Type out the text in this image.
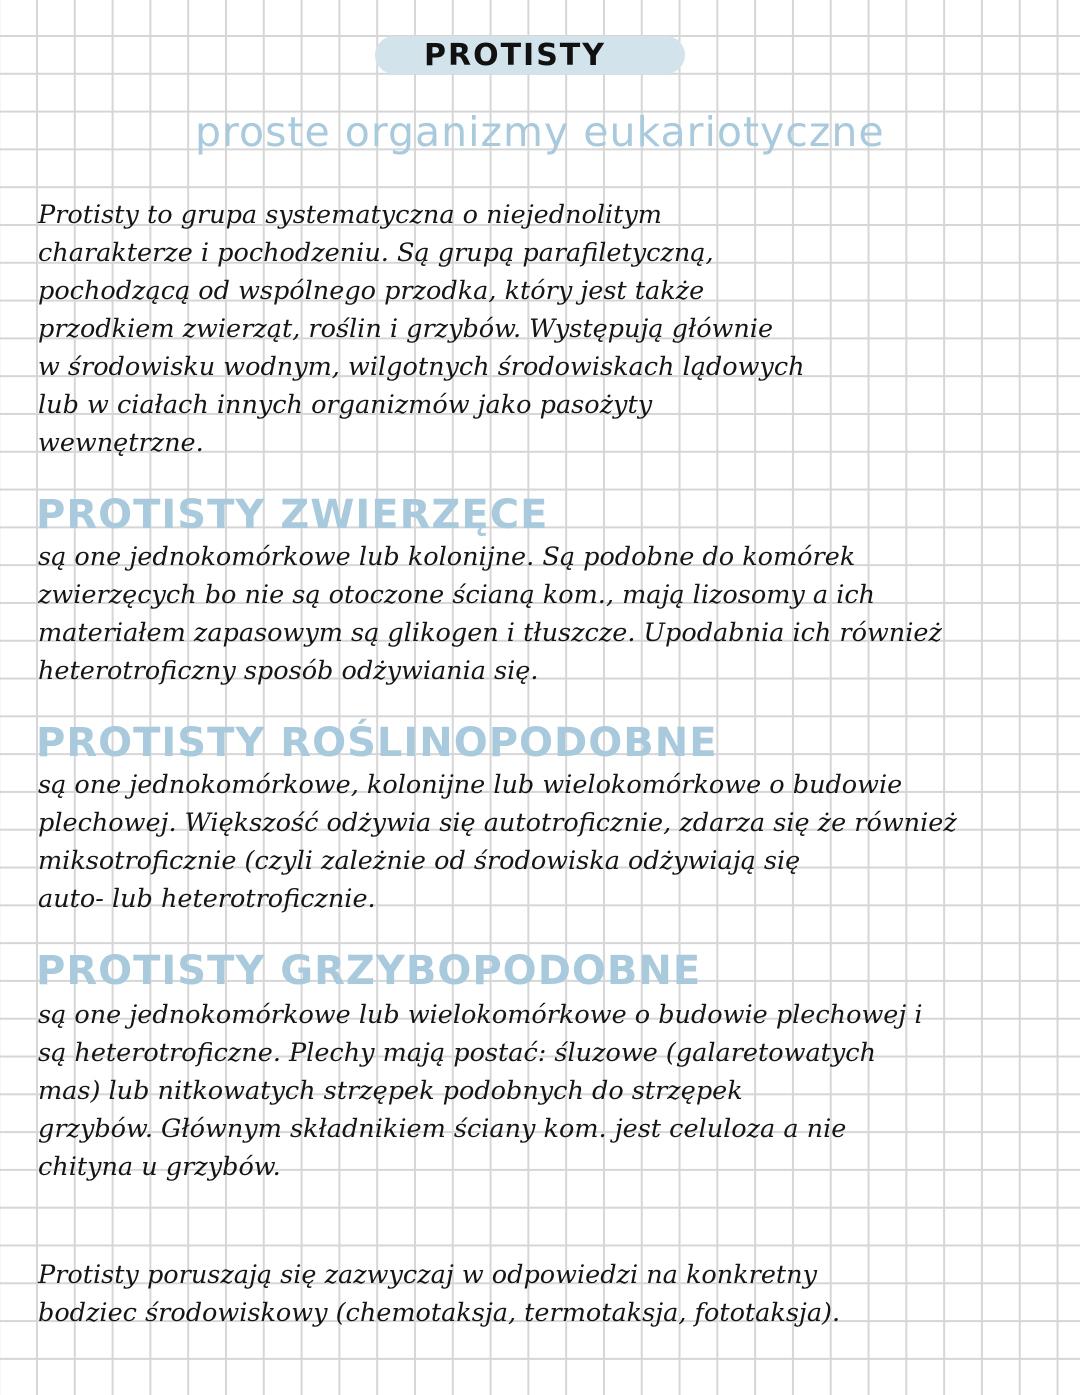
PROTISTY
proste organizmy eukariotyczne
Protisty to grupa systematyczna o niejednolitym
charakterze i pochodzeniu. Są grupą parafiletyczną,
pochodzącą od wspólnego przodka, który jest także
przodkiem zwierząt, roślin i grzybów. Występują głównie
w środowisku wodnym, wilgotnych środowiskach lądowych
lub w ciałach innych organizmów jako pasożyty
wewnętrzne.
PROTISTY ZWIERZĘCE
są one jednokomórkowe lub kolonijne. Są podobne do komórek
zwierzęcych bo nie są otoczone ścianą kom., mają lizosomy a ich
materiałem zapasowym są glikogen i tłuszcze. Upodabnia ich również
heterotroficzny sposób odżywiania się.
PROTISTY ROŚLINOPODOBNE
są one jednokomórkowe, kolonijne lub wielokomórkowe o budowie
plechowej. Większość odżywia się autotroficznie, zdarza się że również
miksotroficznie (czyli zależnie od środowiska odżywiają się
auto- lub heterotroficznie.
PROTISTY GRZYBOPODOBNE
są one jednokomórkowe lub wielokomórkowe o budowie plechowej i
są heterotroficzne. Plechy mają postać: śluzowe (galaretowatych
mas) lub nitkowatych strzępek podobnych do strzępek
grzybów. Głównym składnikiem ściany kom. jest celuloza a nie
chityna u grzybów.
Protisty poruszają się zazwyczaj w odpowiedzi na konkretny
bodziec środowiskowy (chemotaksja, termotaksja, fototaksja).
